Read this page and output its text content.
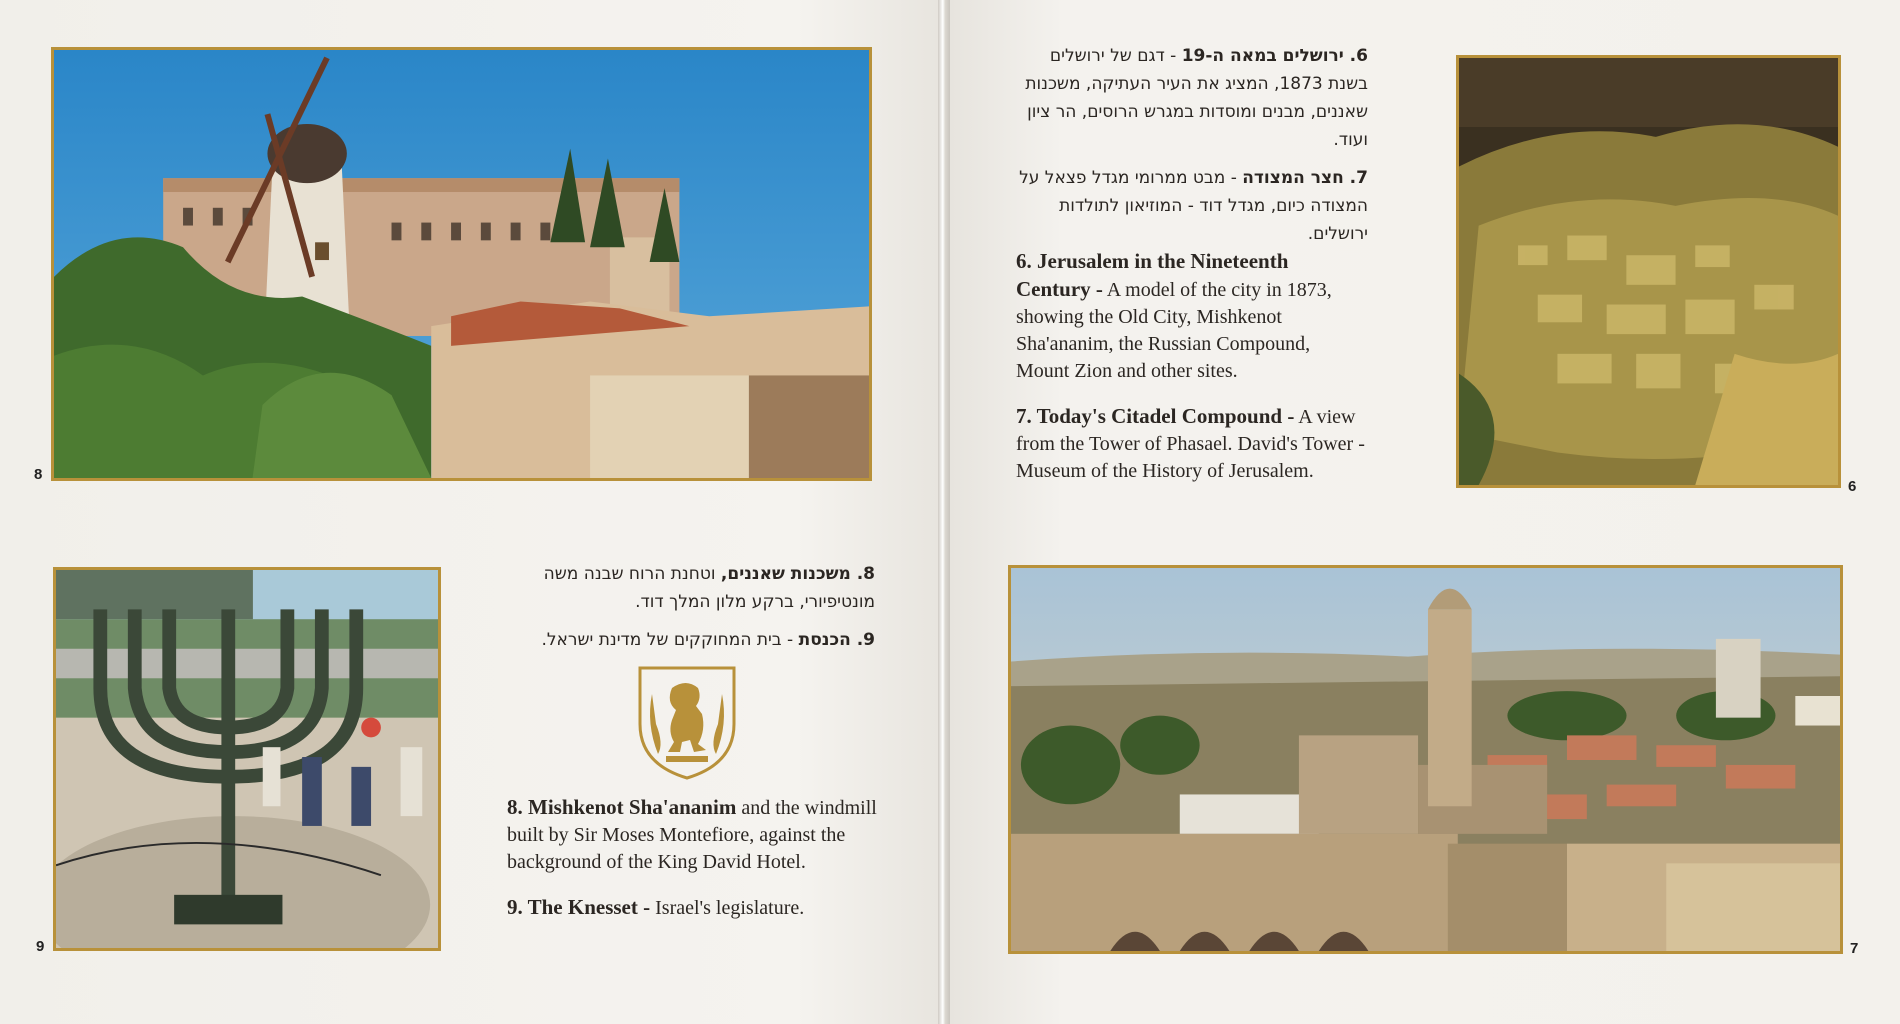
8
9

8. משכנות שאננים, וטחנת הרוח שבנה משה מונטיפיורי, ברקע מלון המלך דוד.

9. הכנסת - בית המחוקקים של מדינת ישראל.

8. Mishkenot Sha'ananim and the windmill built by Sir Moses Montefiore, against the background of the King David Hotel.

9. The Knesset - Israel's legislature.

6. ירושלים במאה ה-19 - דגם של ירושלים בשנת 1873, המציג את העיר העתיקה, משכנות שאננים, מבנים ומוסדות במגרש הרוסים, הר ציון ועוד.

7. חצר המצודה - מבט ממרומי מגדל פצאל על המצודה כיום, מגדל דוד - המוזיאון לתולדות ירושלים.

6. Jerusalem in the Nineteenth Century - A model of the city in 1873, showing the Old City, Mishkenot Sha'ananim, the Russian Compound, Mount Zion and other sites.

7. Today's Citadel Compound - A view from the Tower of Phasael. David's Tower - Museum of the History of Jerusalem.

6
7
